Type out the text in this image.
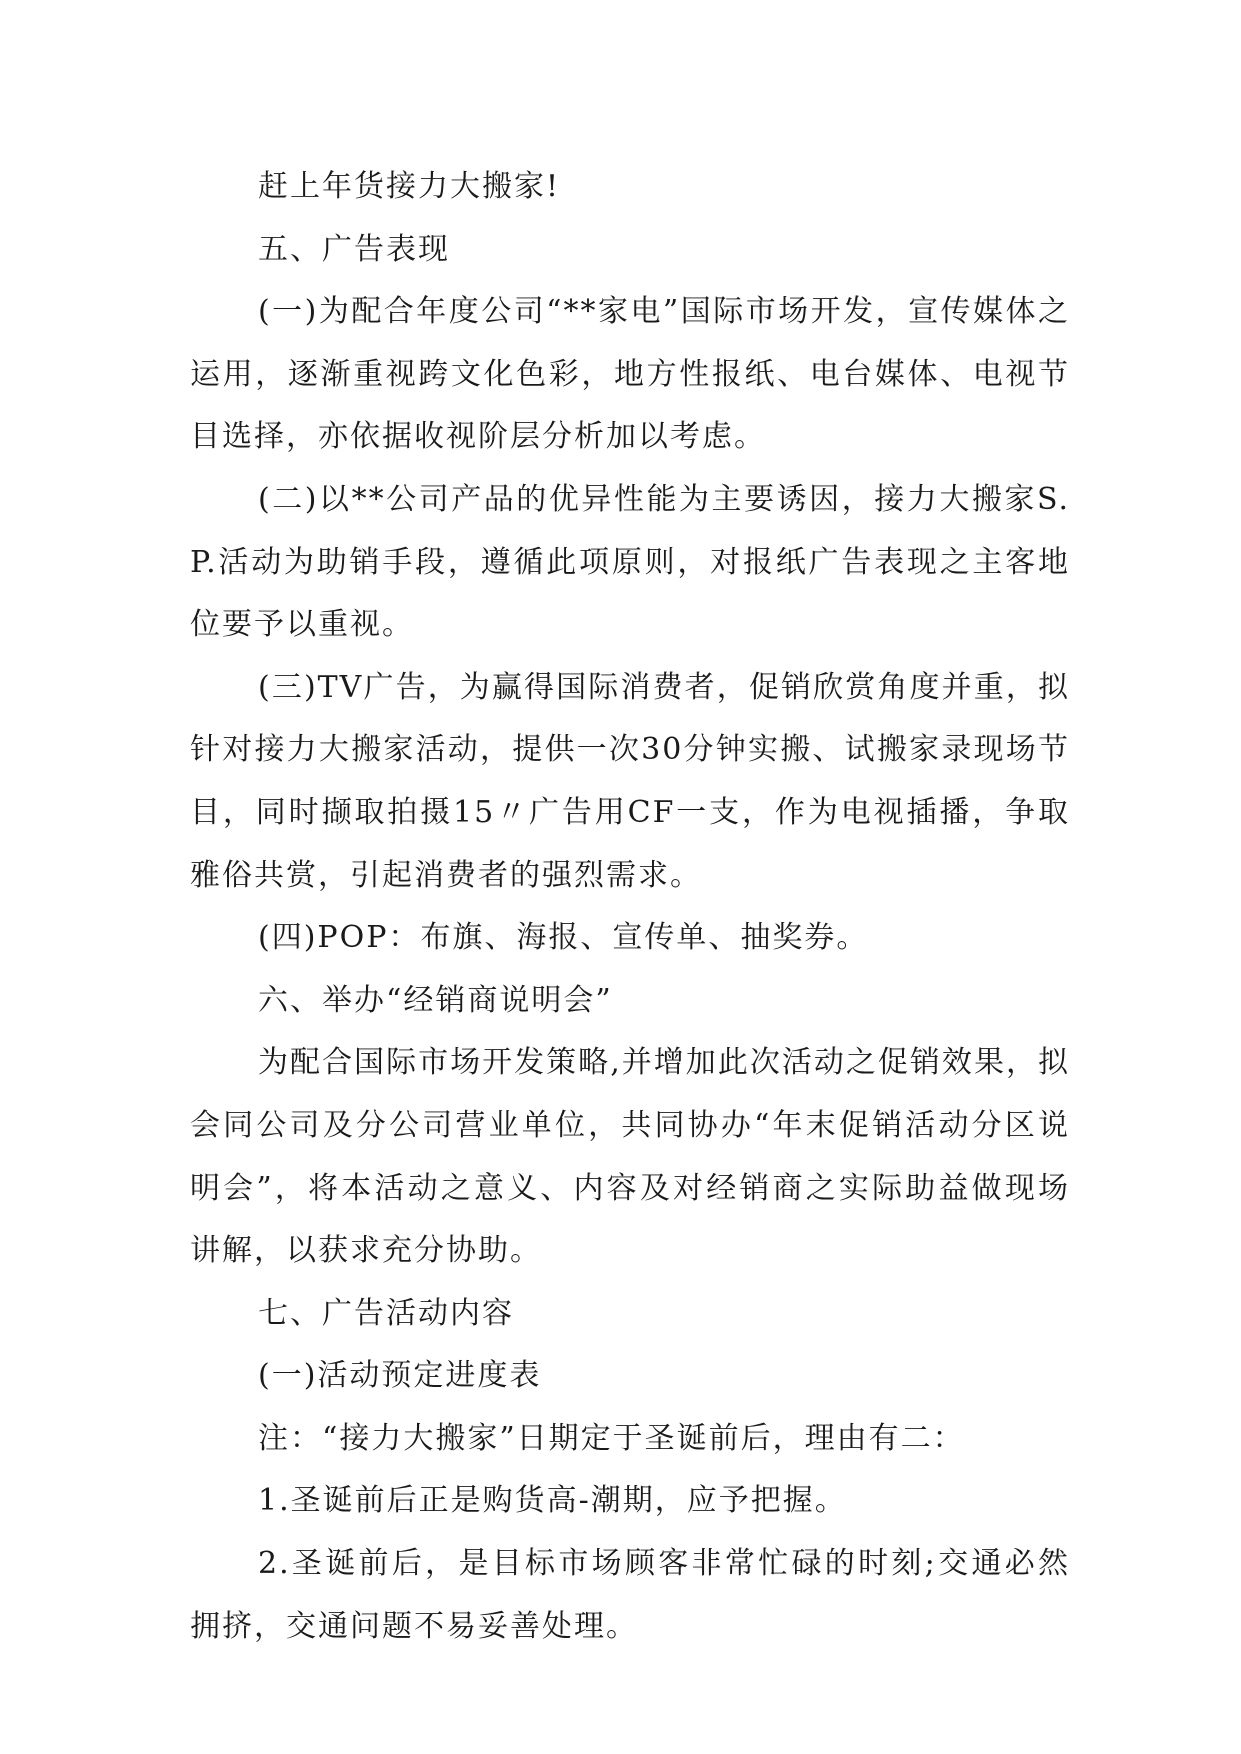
赶上年货接力大搬家!

五、广告表现

(一)为配合年度公司“**家电”国际市场开发，宣传媒体之运用，逐渐重视跨文化色彩，地方性报纸、电台媒体、电视节目选择，亦依据收视阶层分析加以考虑。

(二)以**公司产品的优异性能为主要诱因，接力大搬家S.P.活动为助销手段，遵循此项原则，对报纸广告表现之主客地位要予以重视。

(三)TV广告，为赢得国际消费者，促销欣赏角度并重，拟针对接力大搬家活动，提供一次30分钟实搬、试搬家录现场节目，同时撷取拍摄15〃广告用CF一支，作为电视插播，争取雅俗共赏，引起消费者的强烈需求。

(四)POP：布旗、海报、宣传单、抽奖券。

六、举办“经销商说明会”

为配合国际市场开发策略,并增加此次活动之促销效果，拟会同公司及分公司营业单位，共同协办“年末促销活动分区说明会”，将本活动之意义、内容及对经销商之实际助益做现场讲解，以获求充分协助。

七、广告活动内容

(一)活动预定进度表

注：“接力大搬家”日期定于圣诞前后，理由有二：

1.圣诞前后正是购货高-潮期，应予把握。

2.圣诞前后，是目标市场顾客非常忙碌的时刻;交通必然拥挤，交通问题不易妥善处理。
